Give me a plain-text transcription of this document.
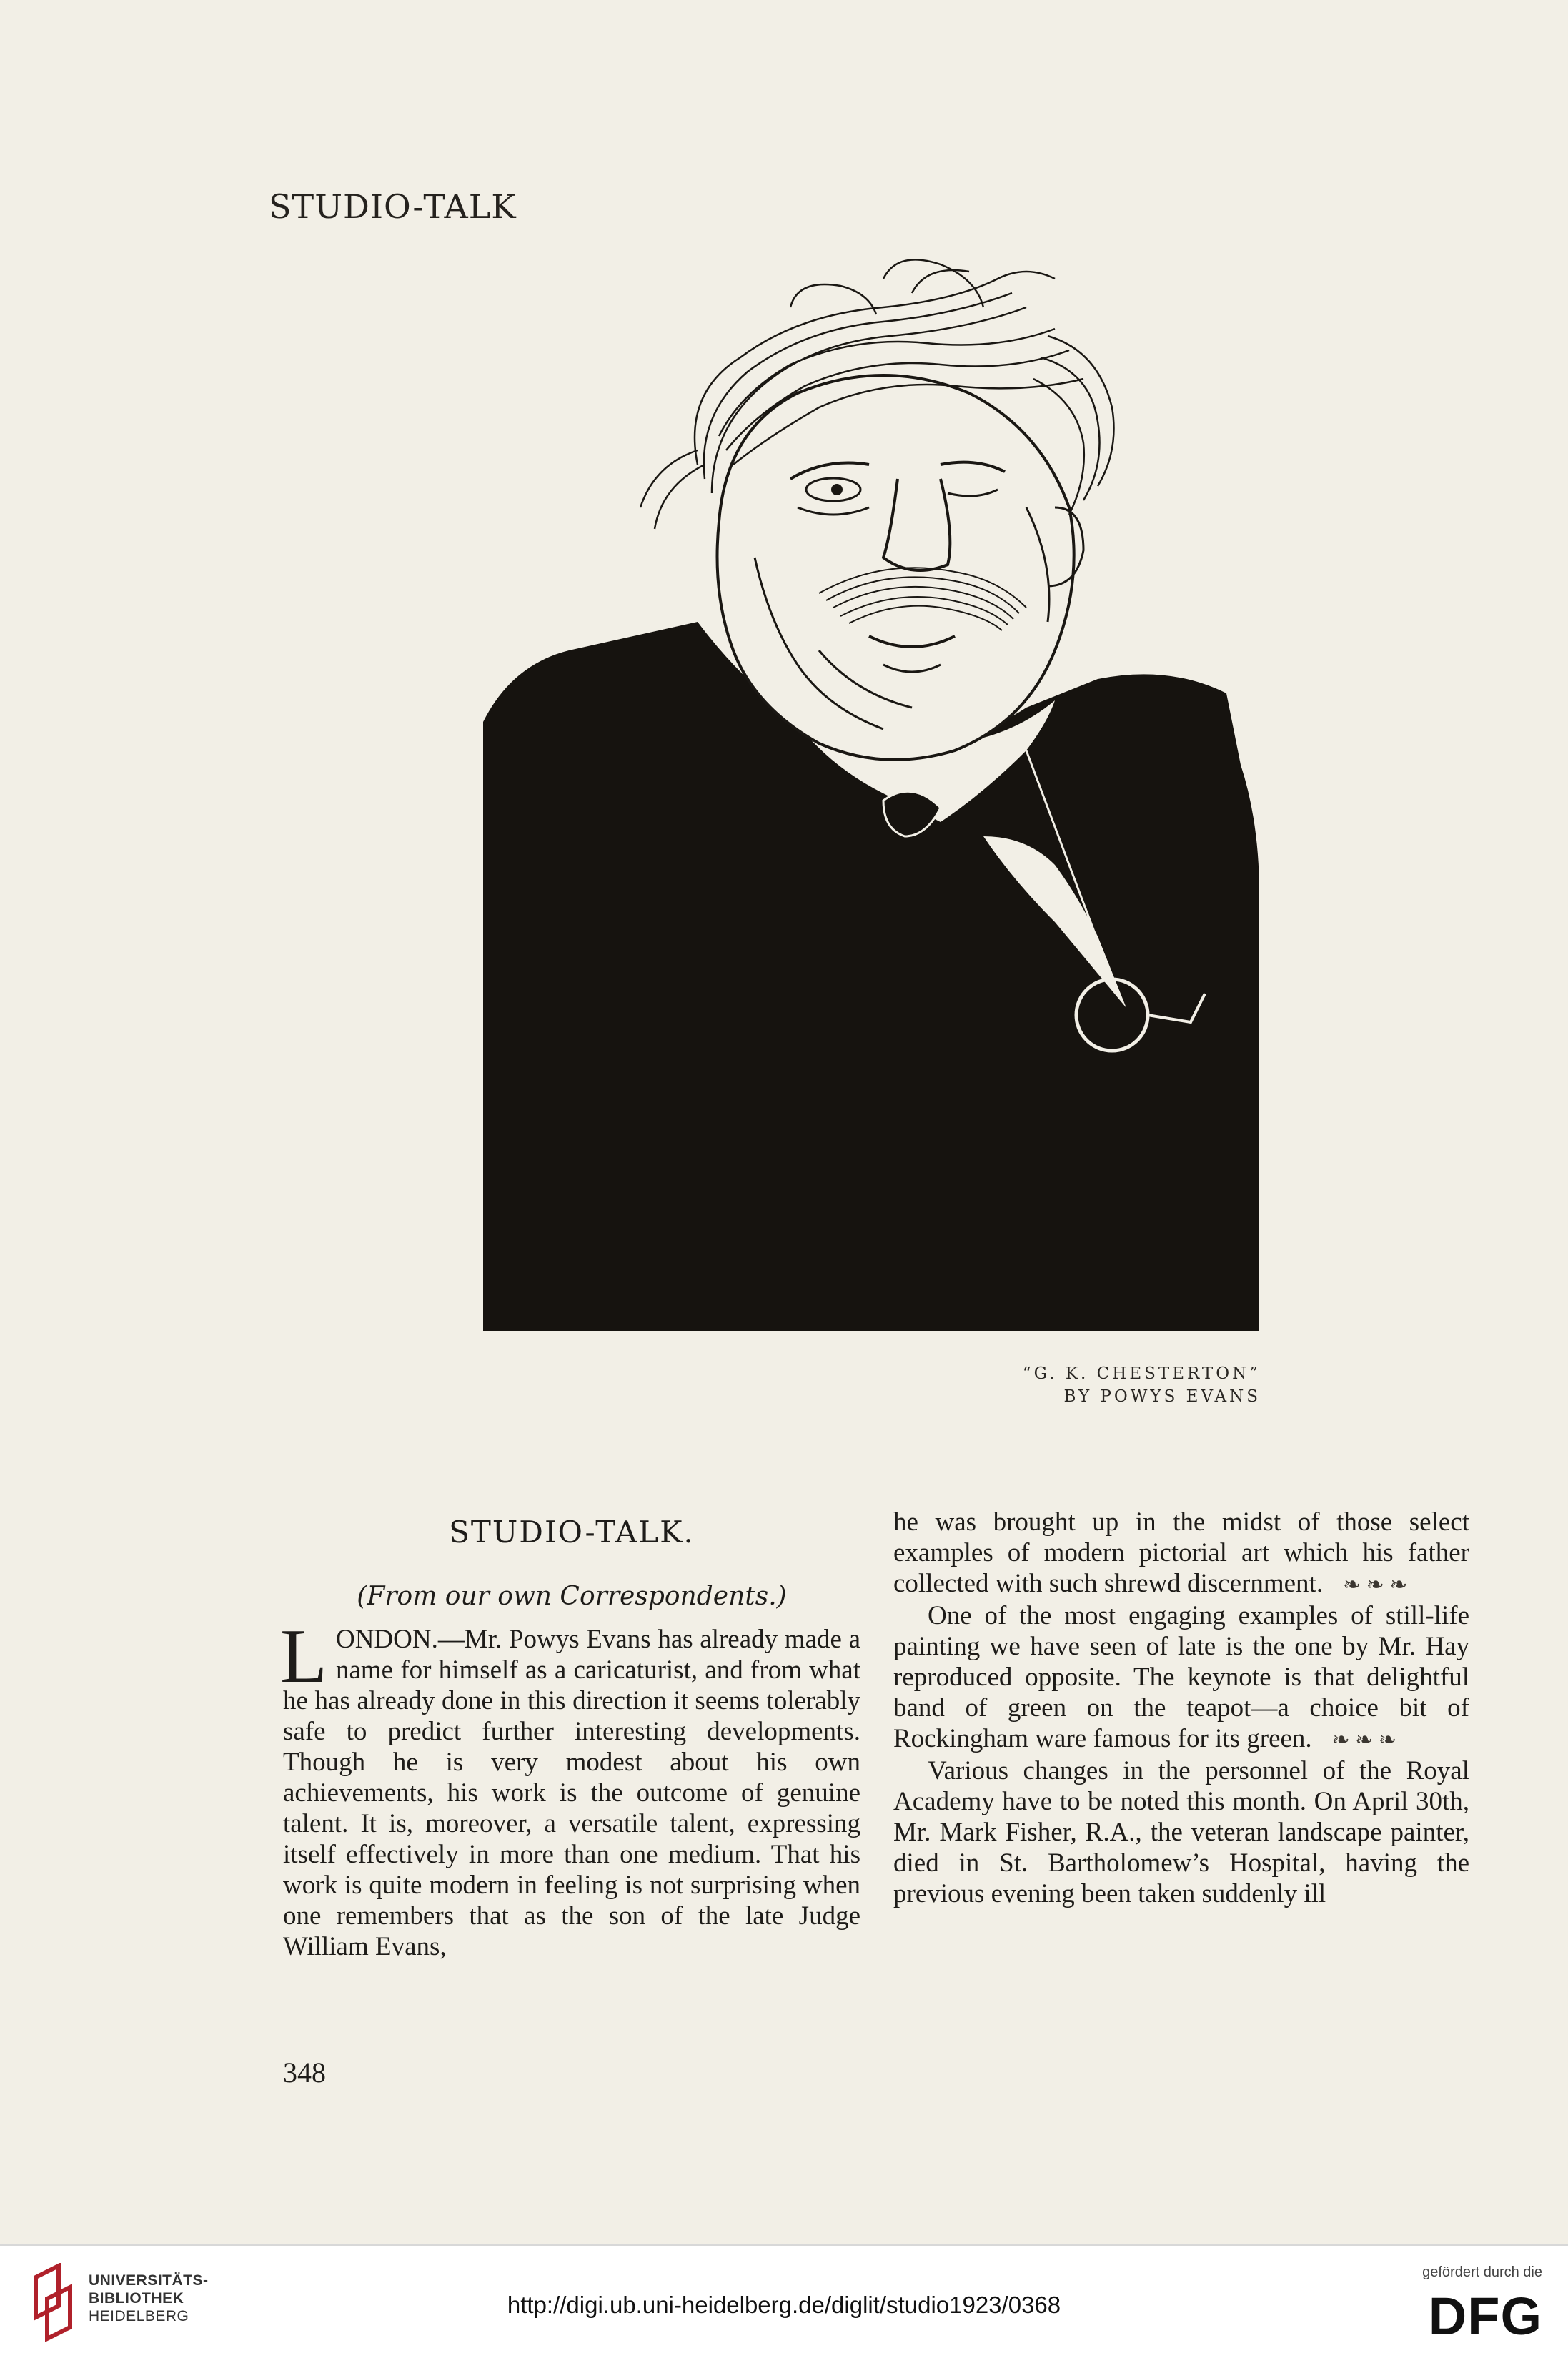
STUDIO-TALK
“G. K. CHESTERTON”
BY POWYS EVANS
STUDIO-TALK.
(From our own Correspondents.)

LONDON.—Mr. Powys Evans has already made a name for himself as a caricaturist, and from what he has already done in this direction it seems tolerably safe to predict further interesting developments. Though he is very modest about his own achievements, his work is the outcome of genuine talent. It is, moreover, a versatile talent, expressing itself effectively in more than one medium. That his work is quite modern in feeling is not surprising when one remembers that as the son of the late Judge William Evans,

he was brought up in the midst of those select examples of modern pictorial art which his father collected with such shrewd discernment. ❧ ❧ ❧

One of the most engaging examples of still-life painting we have seen of late is the one by Mr. Hay reproduced opposite. The keynote is that delightful band of green on the teapot—a choice bit of Rockingham ware famous for its green. ❧ ❧ ❧

Various changes in the personnel of the Royal Academy have to be noted this month. On April 30th, Mr. Mark Fisher, R.A., the veteran landscape painter, died in St. Bartholomew’s Hospital, having the previous evening been taken suddenly ill

348
UNIVERSITÄTS-
BIBLIOTHEK
HEIDELBERG	http://digi.ub.uni-heidelberg.de/diglit/studio1923/0368
gefördert durch die
DFG
